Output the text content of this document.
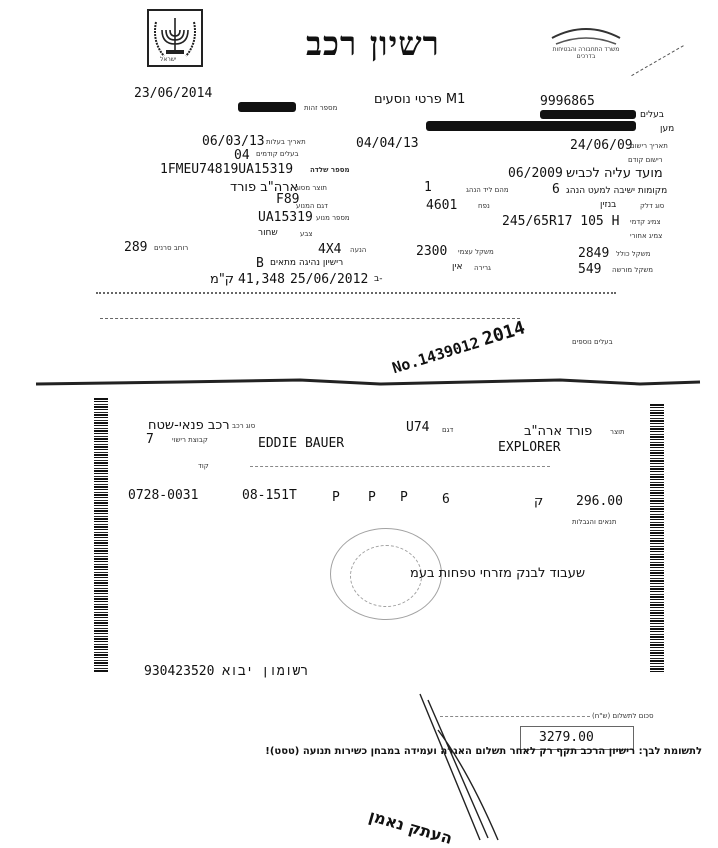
ישראל	רשיון רכב	משרד התחבורה והבטיחות בדרכים
23/06/2014	M1 פרטי נוסעים	9996865
בעלים
מספר זהות
מען
06/03/13 תאריך בעלות	04/04/13	24/06/09
תאריך רישום
04 בעלים קודמים
רישום קודם
1FMEU74819UA15319 מספר שלדה	06/2009 מועד עליה לכביש
ארה"ב פורד
תוצר מסוג	1	מהם ליד הנהג	6 מקומות ישיבה למעט הנהג
F89
דגם המנוע	4601	נפח	בנזין	סוג דלק
UA15319 מספר מנוע	245/65R17 105 H צמיג קדמי
שחור	צבע	צמיג אחורי
289 רוחב סרנים	4X4 הנעה	2300 משקל עצמי	2849 משקל כולל
B רישיון נהיגה מתאים	אין גרירה	549 משקל מורשה
ק"מ 41,348 25/06/2012 ב-
No.1439012
2014	בעלים נוספים
רכב פנאי-שטח סוג רכב
7	קבוצת רישוי
U74 דגם	פורד ארה"ב	תוצר
EDDIE BAUER	EXPLORER
קוד
0728-0031	08-151T	P P P	6	ק	296.00
תנאים והגבלות
שעבוד לבנק מזרחי טפחות בעמ
930423520 רשומון יבוא
סכום לתשלום (ש"ח)
3279.00
לתשומת לבך: רישיון הרכב תקף רק לאחר תשלום האגרה ועמידה במבחן כשירות תנועה (טסט)!
העתק נאמן
